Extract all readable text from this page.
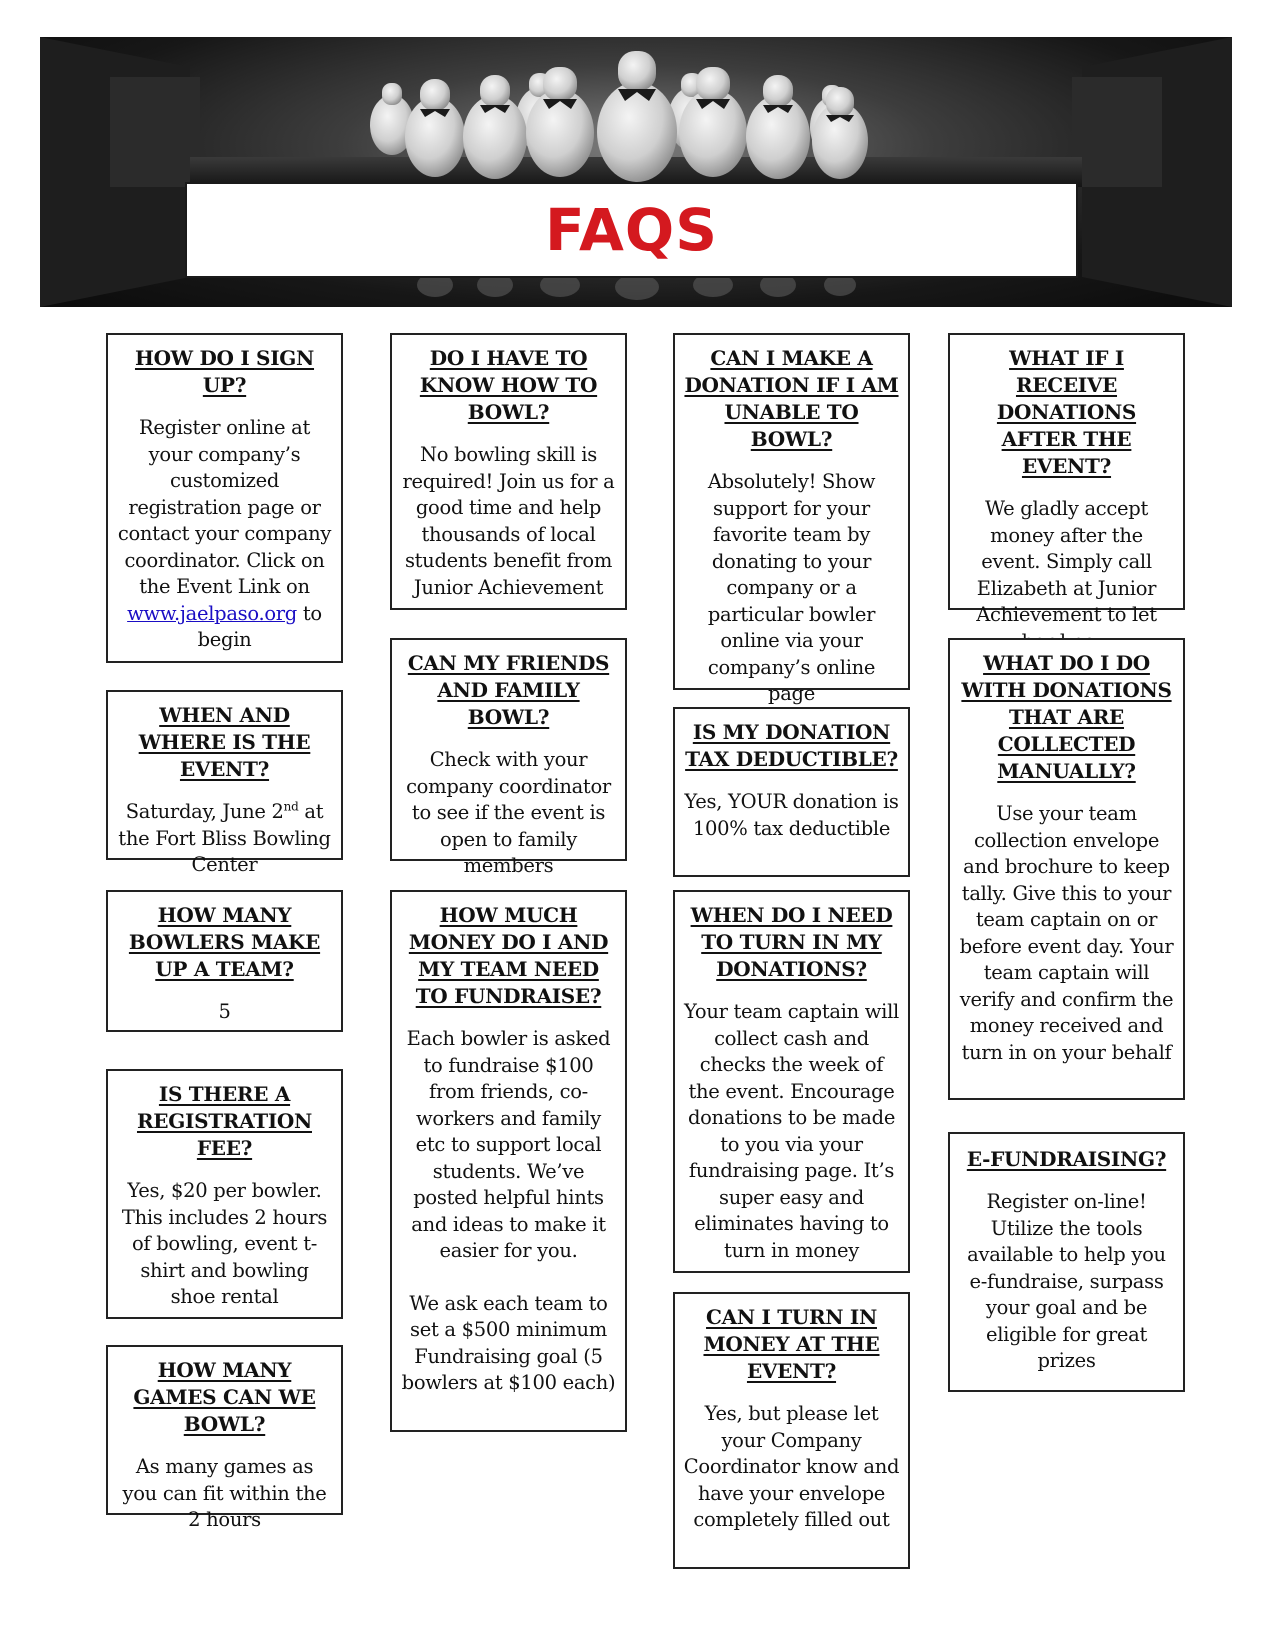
FAQS

HOW DO I SIGN UP?

Register online at your company’s customized registration page or contact your company coordinator. Click on the Event Link on www.jaelpaso.org to begin

WHEN AND WHERE IS THE EVENT?

Saturday, June 2nd at the Fort Bliss Bowling Center

HOW MANY BOWLERS MAKE UP A TEAM?

5

IS THERE A REGISTRATION FEE?

Yes, $20 per bowler. This includes 2 hours of bowling, event t-shirt and bowling shoe rental

HOW MANY GAMES CAN WE BOWL?

As many games as you can fit within the 2 hours

DO I HAVE TO KNOW HOW TO BOWL?

No bowling skill is required! Join us for a good time and help thousands of local students benefit from Junior Achievement

CAN MY FRIENDS AND FAMILY BOWL?

Check with your company coordinator to see if the event is open to family members

HOW MUCH MONEY DO I AND MY TEAM NEED TO FUNDRAISE?

Each bowler is asked to fundraise $100 from friends, co-workers and family etc to support local students. We’ve posted helpful hints and ideas to make it easier for you.

We ask each team to set a $500 minimum Fundraising goal (5 bowlers at $100 each)

CAN I MAKE A DONATION IF I AM UNABLE TO BOWL?

Absolutely! Show support for your favorite team by donating to your company or a particular bowler online via your company’s online page

IS MY DONATION TAX DEDUCTIBLE?

Yes, YOUR donation is 100% tax deductible

WHEN DO I NEED TO TURN IN MY DONATIONS?

Your team captain will collect cash and checks the week of the event. Encourage donations to be made to you via your fundraising page. It’s super easy and eliminates having to turn in money

CAN I TURN IN MONEY AT THE EVENT?

Yes, but please let your Company Coordinator know and have your envelope completely filled out

WHAT IF I RECEIVE DONATIONS AFTER THE EVENT?

We gladly accept money after the event. Simply call Elizabeth at Junior Achievement to let

WHAT DO I DO WITH DONATIONS THAT ARE COLLECTED MANUALLY?

Use your team collection envelope and brochure to keep tally. Give this to your team captain on or before event day. Your team captain will verify and confirm the money received and turn in on your behalf

E-FUNDRAISING?

Register on-line! Utilize the tools available to help you e-fundraise, surpass your goal and be eligible for great prizes
